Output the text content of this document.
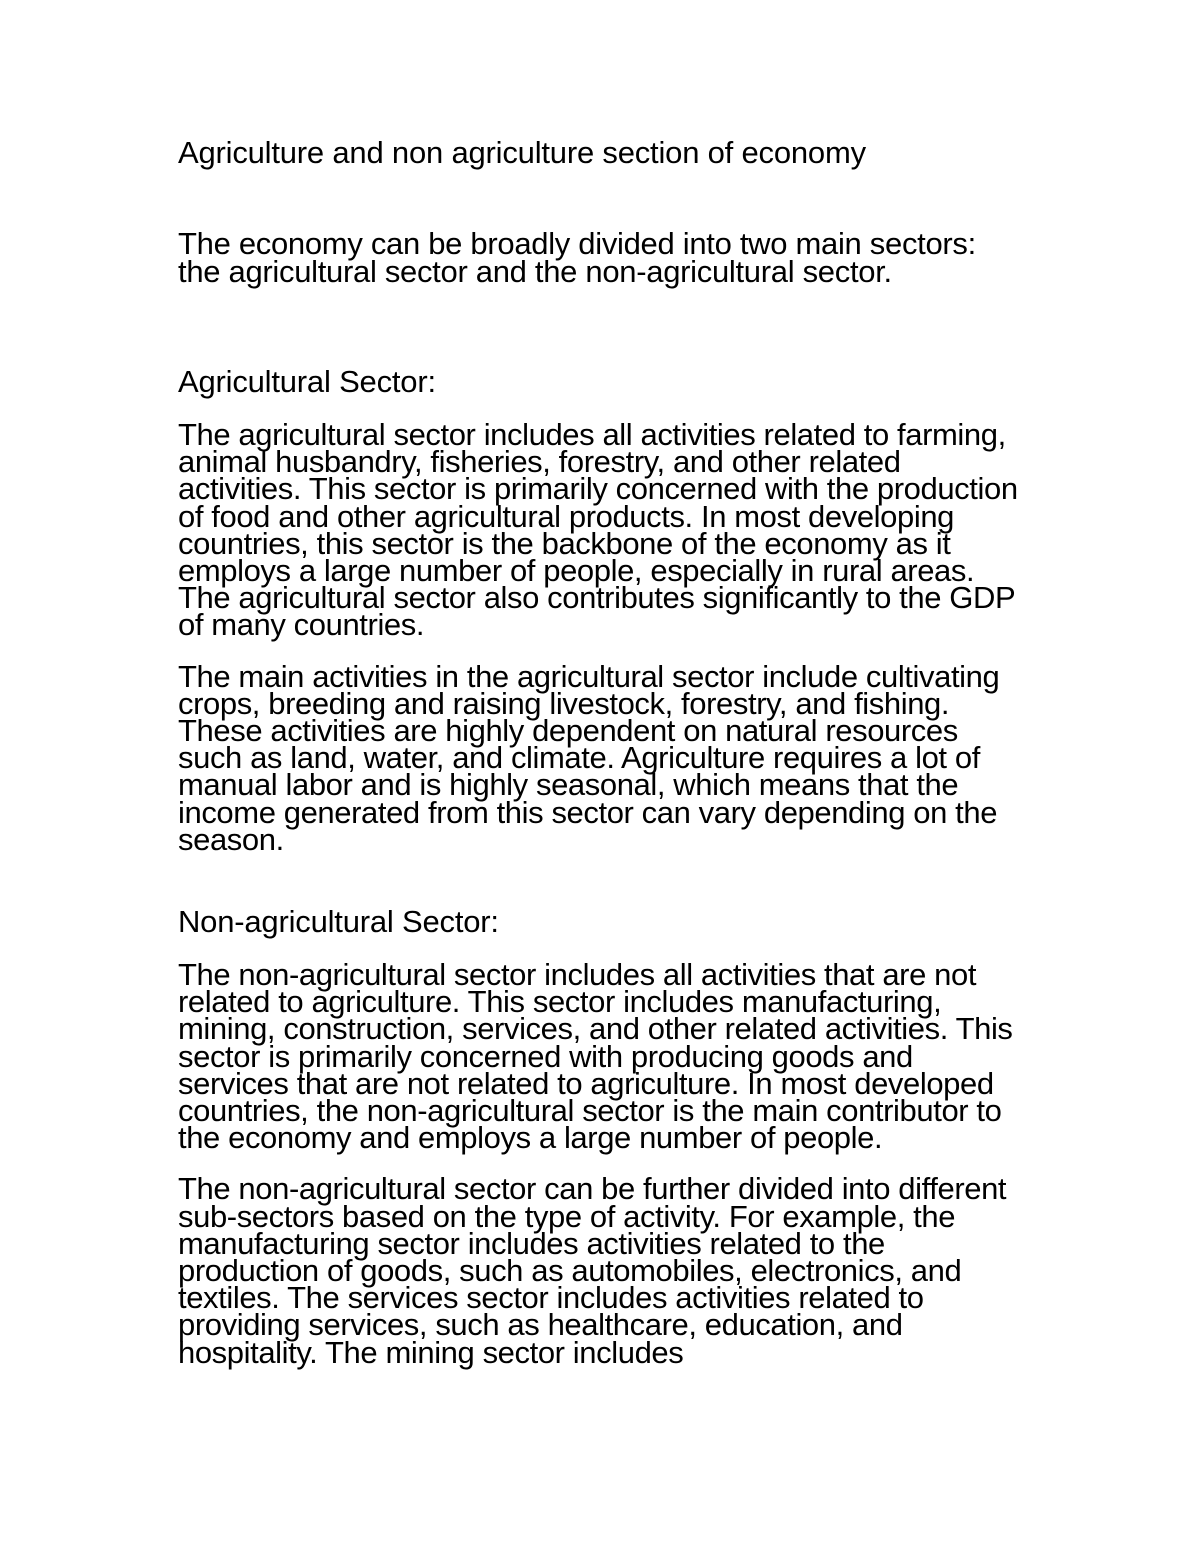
Agriculture and non agriculture section of economy

The economy can be broadly divided into two main sectors: the agricultural sector and the non-agricultural sector.

Agricultural Sector:

The agricultural sector includes all activities related to farming, animal husbandry, fisheries, forestry, and other related activities. This sector is primarily concerned with the production of food and other agricultural products. In most developing countries, this sector is the backbone of the economy as it employs a large number of people, especially in rural areas. The agricultural sector also contributes significantly to the GDP of many countries.

The main activities in the agricultural sector include cultivating crops, breeding and raising livestock, forestry, and fishing. These activities are highly dependent on natural resources such as land, water, and climate. Agriculture requires a lot of manual labor and is highly seasonal, which means that the income generated from this sector can vary depending on the season.

Non-agricultural Sector:

The non-agricultural sector includes all activities that are not related to agriculture. This sector includes manufacturing, mining, construction, services, and other related activities. This sector is primarily concerned with producing goods and services that are not related to agriculture. In most developed countries, the non-agricultural sector is the main contributor to the economy and employs a large number of people.

The non-agricultural sector can be further divided into different sub-sectors based on the type of activity. For example, the manufacturing sector includes activities related to the production of goods, such as automobiles, electronics, and textiles. The services sector includes activities related to providing services, such as healthcare, education, and hospitality. The mining sector includes
